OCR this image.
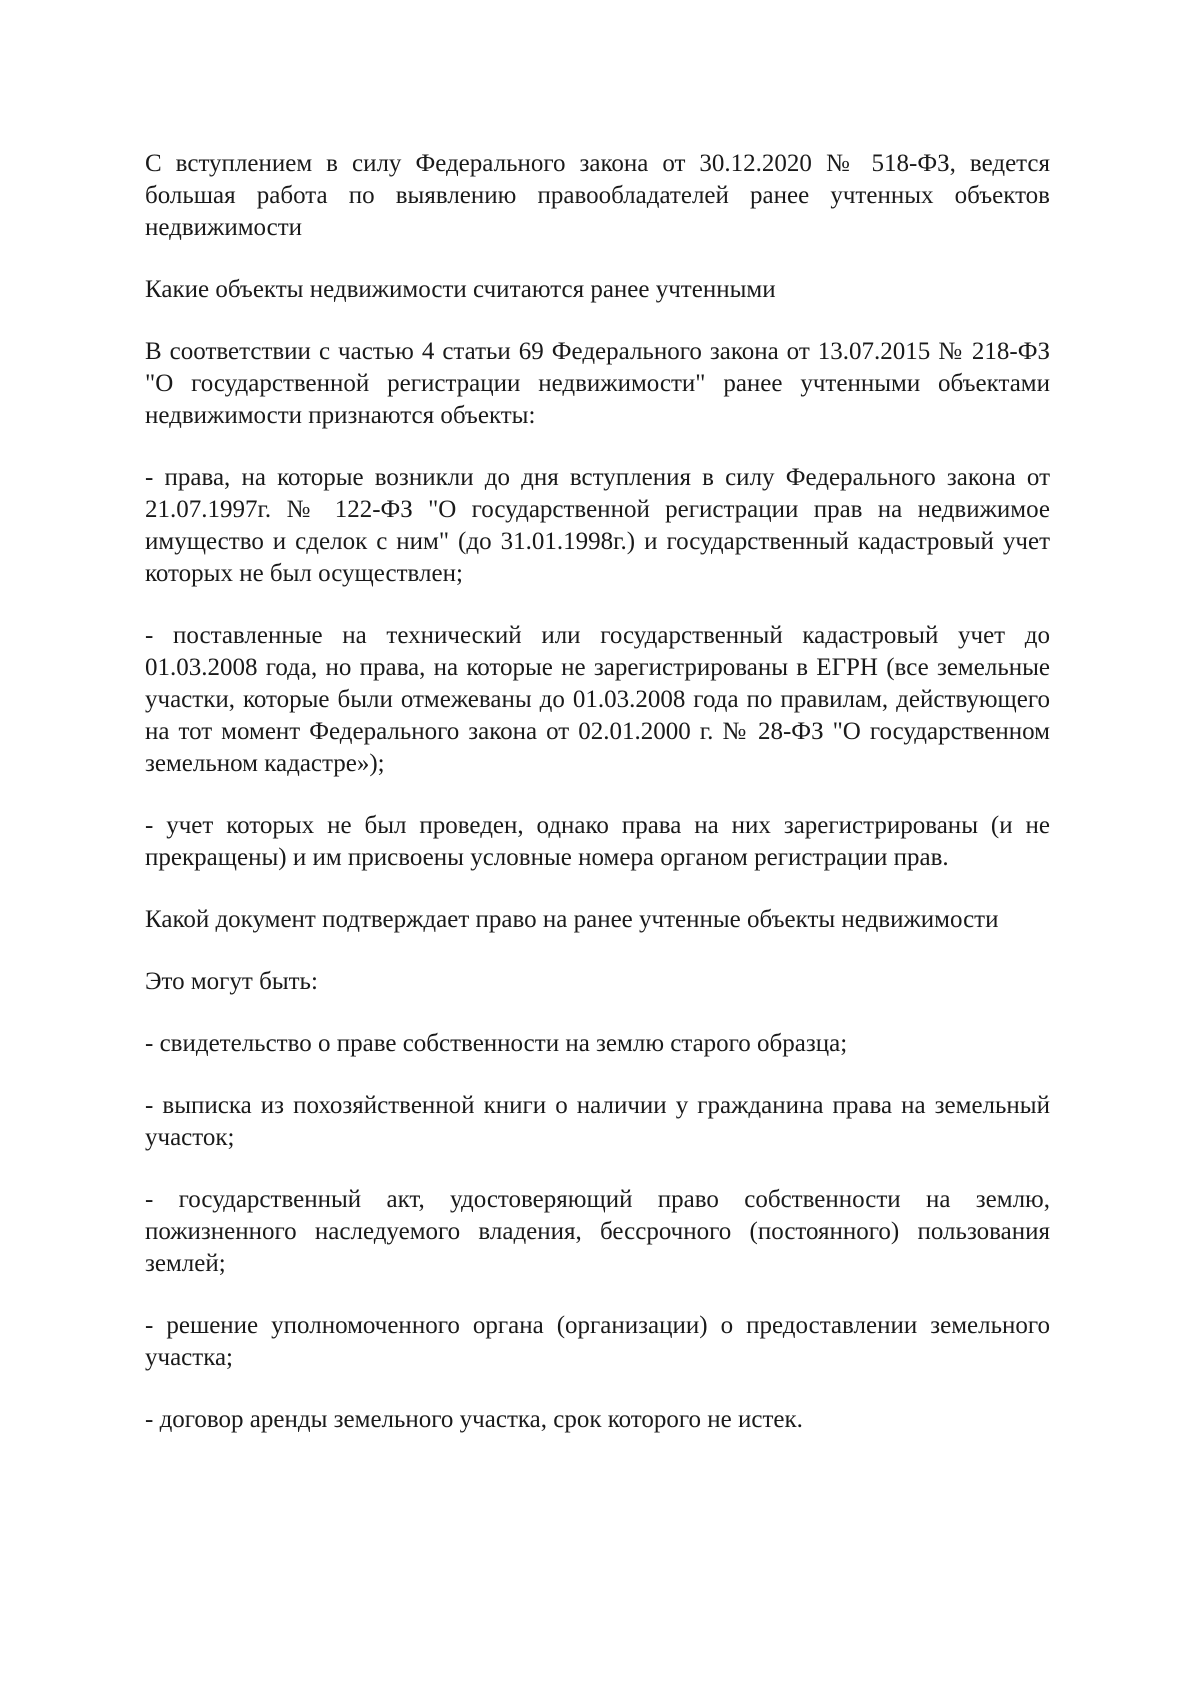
С вступлением в силу Федерального закона от 30.12.2020 № 518-ФЗ, ведется большая работа по выявлению правообладателей ранее учтенных объектов недвижимости

Какие объекты недвижимости считаются ранее учтенными

В соответствии с частью 4 статьи 69 Федерального закона от 13.07.2015 № 218-ФЗ "О государственной регистрации недвижимости" ранее учтенными объектами недвижимости признаются объекты:

- права, на которые возникли до дня вступления в силу Федерального закона от 21.07.1997г. № 122-ФЗ "О государственной регистрации прав на недвижимое имущество и сделок с ним" (до 31.01.1998г.) и государственный кадастровый учет которых не был осуществлен;

- поставленные на технический или государственный кадастровый учет до 01.03.2008 года, но права, на которые не зарегистрированы в ЕГРН (все земельные участки, которые были отмежеваны до 01.03.2008 года по правилам, действующего на тот момент Федерального закона от 02.01.2000 г. № 28-ФЗ "О государственном земельном кадастре»);

- учет которых не был проведен, однако права на них зарегистрированы (и не прекращены) и им присвоены условные номера органом регистрации прав.

Какой документ подтверждает право на ранее учтенные объекты недвижимости

Это могут быть:

- свидетельство о праве собственности на землю старого образца;

- выписка из похозяйственной книги о наличии у гражданина права на земельный участок;

- государственный акт, удостоверяющий право собственности на землю, пожизненного наследуемого владения, бессрочного (постоянного) пользования землей;

- решение уполномоченного органа (организации) о предоставлении земельного участка;

- договор аренды земельного участка, срок которого не истек.
